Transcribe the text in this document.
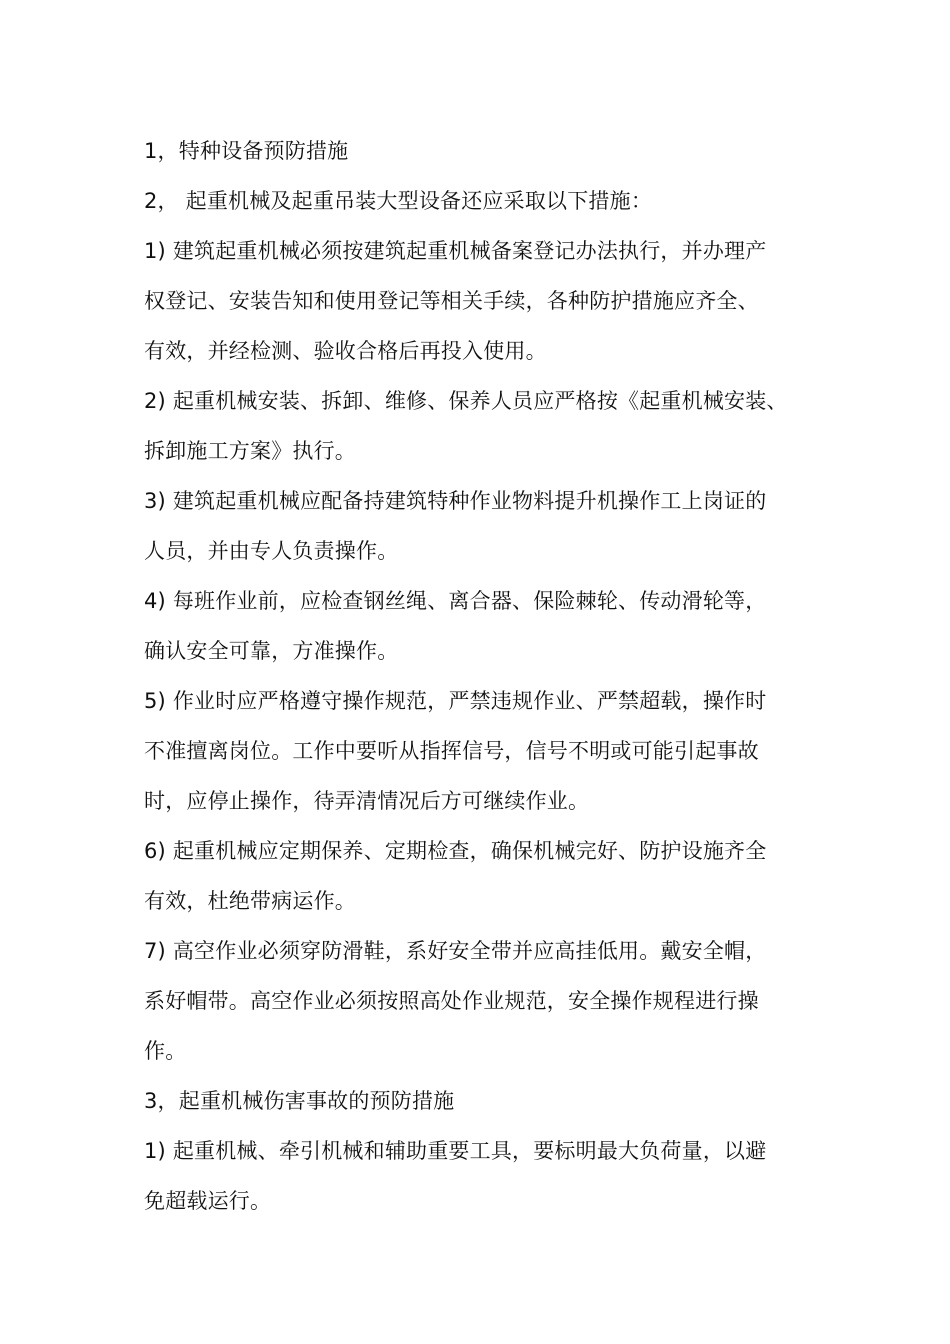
1，特种设备预防措施
2， 起重机械及起重吊装大型设备还应采取以下措施：
1) 建筑起重机械必须按建筑起重机械备案登记办法执行，并办理产
权登记、安装告知和使用登记等相关手续，各种防护措施应齐全、
有效，并经检测、验收合格后再投入使用。
2) 起重机械安装、拆卸、维修、保养人员应严格按《起重机械安装、
拆卸施工方案》执行。
3) 建筑起重机械应配备持建筑特种作业物料提升机操作工上岗证的
人员，并由专人负责操作。
4) 每班作业前，应检查钢丝绳、离合器、保险棘轮、传动滑轮等，
确认安全可靠，方准操作。
5) 作业时应严格遵守操作规范，严禁违规作业、严禁超载，操作时
不准擅离岗位。工作中要听从指挥信号，信号不明或可能引起事故
时，应停止操作，待弄清情况后方可继续作业。
6) 起重机械应定期保养、定期检查，确保机械完好、防护设施齐全
有效，杜绝带病运作。
7) 高空作业必须穿防滑鞋，系好安全带并应高挂低用。戴安全帽，
系好帽带。高空作业必须按照高处作业规范，安全操作规程进行操
作。
3，起重机械伤害事故的预防措施
1) 起重机械、牵引机械和辅助重要工具，要标明最大负荷量，以避
免超载运行。
